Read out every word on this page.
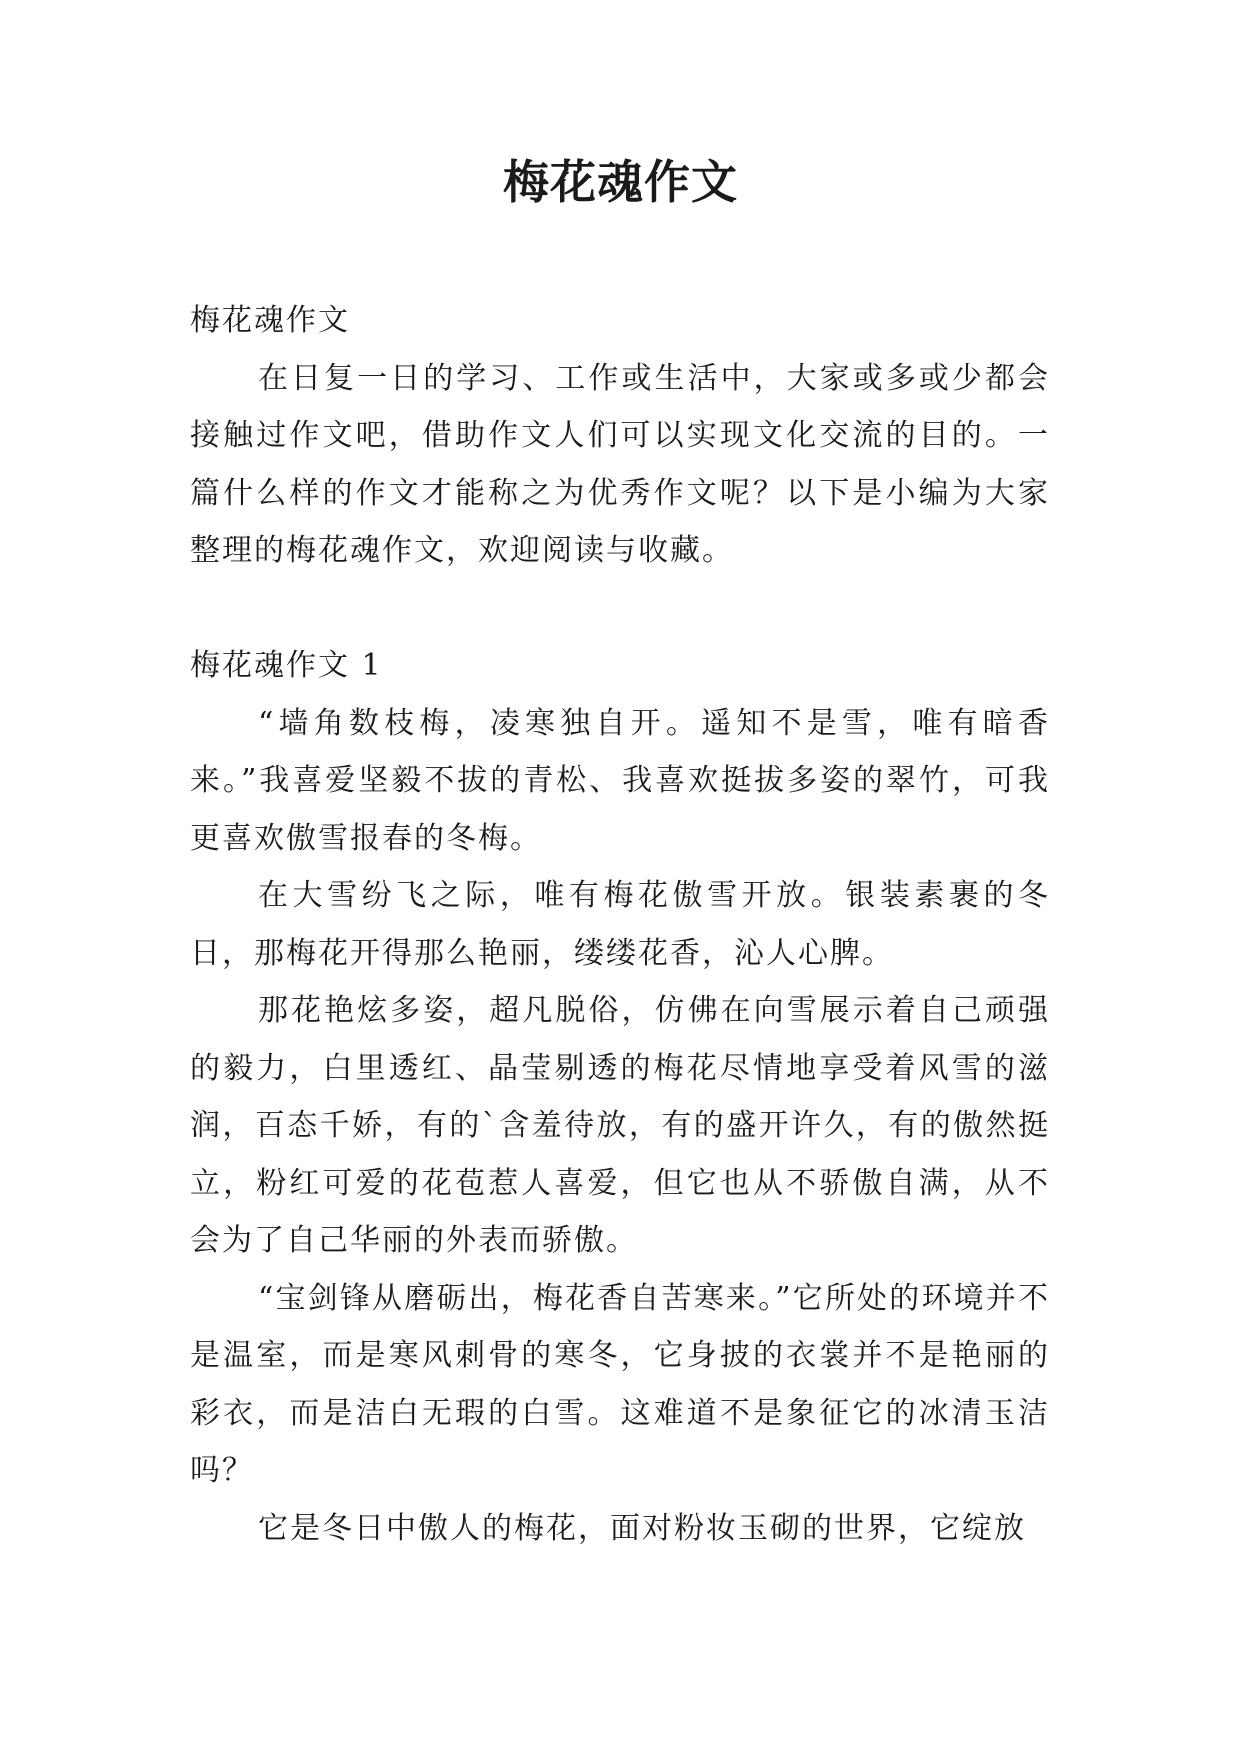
梅花魂作文

梅花魂作文

在日复一日的学习、工作或生活中，大家或多或少都会接触过作文吧，借助作文人们可以实现文化交流的目的。一篇什么样的作文才能称之为优秀作文呢？以下是小编为大家整理的梅花魂作文，欢迎阅读与收藏。

梅花魂作文 1

“墙角数枝梅，凌寒独自开。遥知不是雪，唯有暗香来。”我喜爱坚毅不拔的青松、我喜欢挺拔多姿的翠竹，可我更喜欢傲雪报春的冬梅。

在大雪纷飞之际，唯有梅花傲雪开放。银装素裹的冬日，那梅花开得那么艳丽，缕缕花香，沁人心脾。

那花艳炫多姿，超凡脱俗，仿佛在向雪展示着自己顽强的毅力，白里透红、晶莹剔透的梅花尽情地享受着风雪的滋润，百态千娇，有的`含羞待放，有的盛开许久，有的傲然挺立，粉红可爱的花苞惹人喜爱，但它也从不骄傲自满，从不会为了自己华丽的外表而骄傲。

“宝剑锋从磨砺出，梅花香自苦寒来。”它所处的环境并不是温室，而是寒风刺骨的寒冬，它身披的衣裳并不是艳丽的彩衣，而是洁白无瑕的白雪。这难道不是象征它的冰清玉洁吗？

它是冬日中傲人的梅花，面对粉妆玉砌的世界，它绽放
